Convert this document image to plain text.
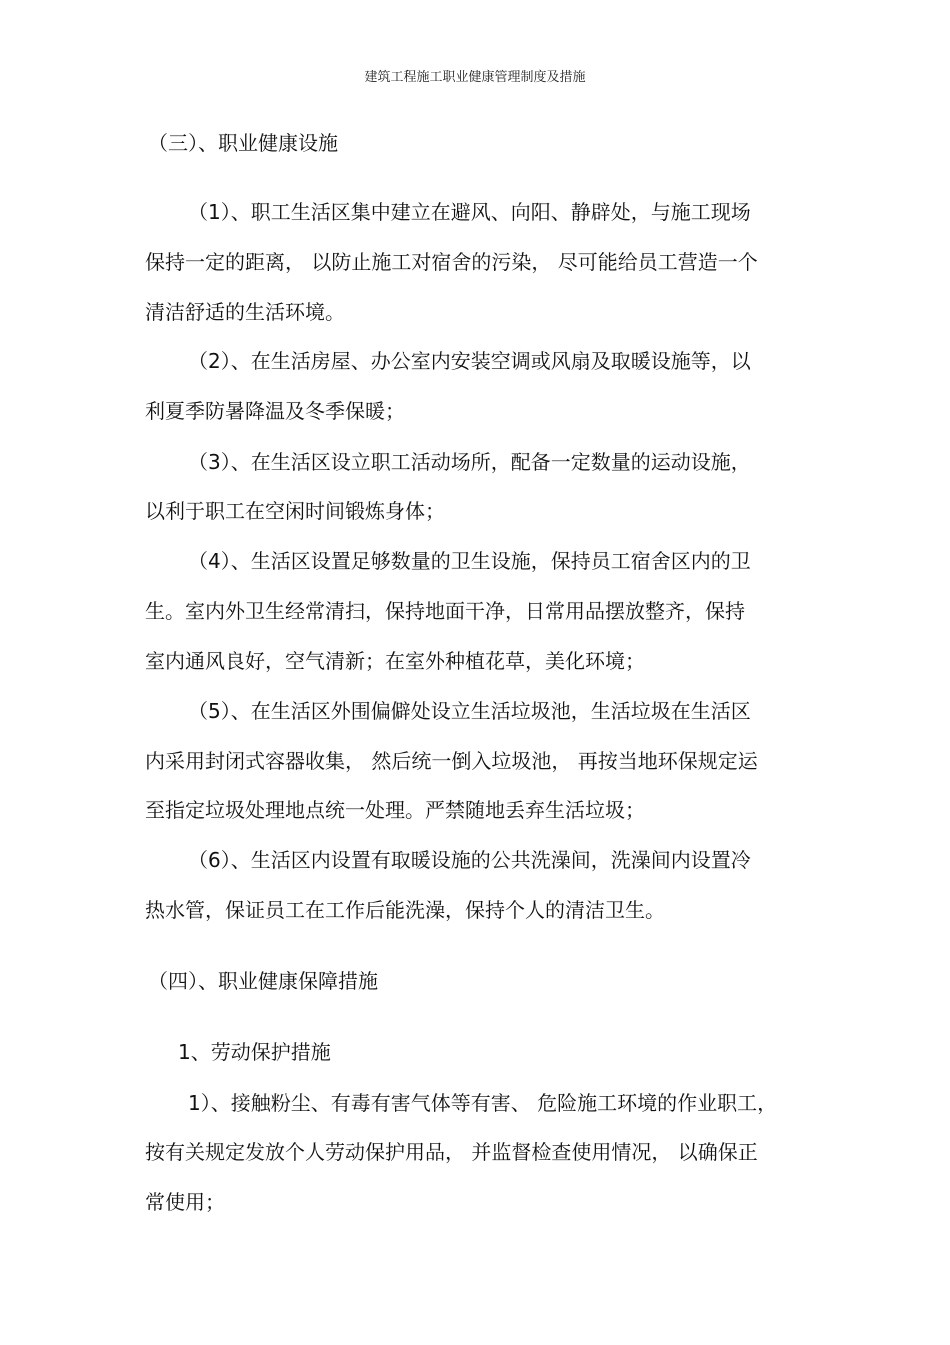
建筑工程施工职业健康管理制度及措施
（三）、职业健康设施
（1）、职工生活区集中建立在避风、向阳、静辟处，与施工现场
保持一定的距离， 以防止施工对宿舍的污染， 尽可能给员工营造一个
清洁舒适的生活环境。
（2）、在生活房屋、办公室内安装空调或风扇及取暖设施等，以
利夏季防暑降温及冬季保暖；
（3）、在生活区设立职工活动场所，配备一定数量的运动设施，
以利于职工在空闲时间锻炼身体；
（4）、生活区设置足够数量的卫生设施，保持员工宿舍区内的卫
生。室内外卫生经常清扫，保持地面干净，日常用品摆放整齐，保持
室内通风良好，空气清新；在室外种植花草，美化环境；
（5）、在生活区外围偏僻处设立生活垃圾池，生活垃圾在生活区
内采用封闭式容器收集， 然后统一倒入垃圾池， 再按当地环保规定运
至指定垃圾处理地点统一处理。严禁随地丢弃生活垃圾；
（6）、生活区内设置有取暖设施的公共洗澡间，洗澡间内设置冷
热水管，保证员工在工作后能洗澡，保持个人的清洁卫生。
（四）、职业健康保障措施
1、劳动保护措施
1）、接触粉尘、有毒有害气体等有害、 危险施工环境的作业职工，
按有关规定发放个人劳动保护用品， 并监督检查使用情况， 以确保正
常使用；
